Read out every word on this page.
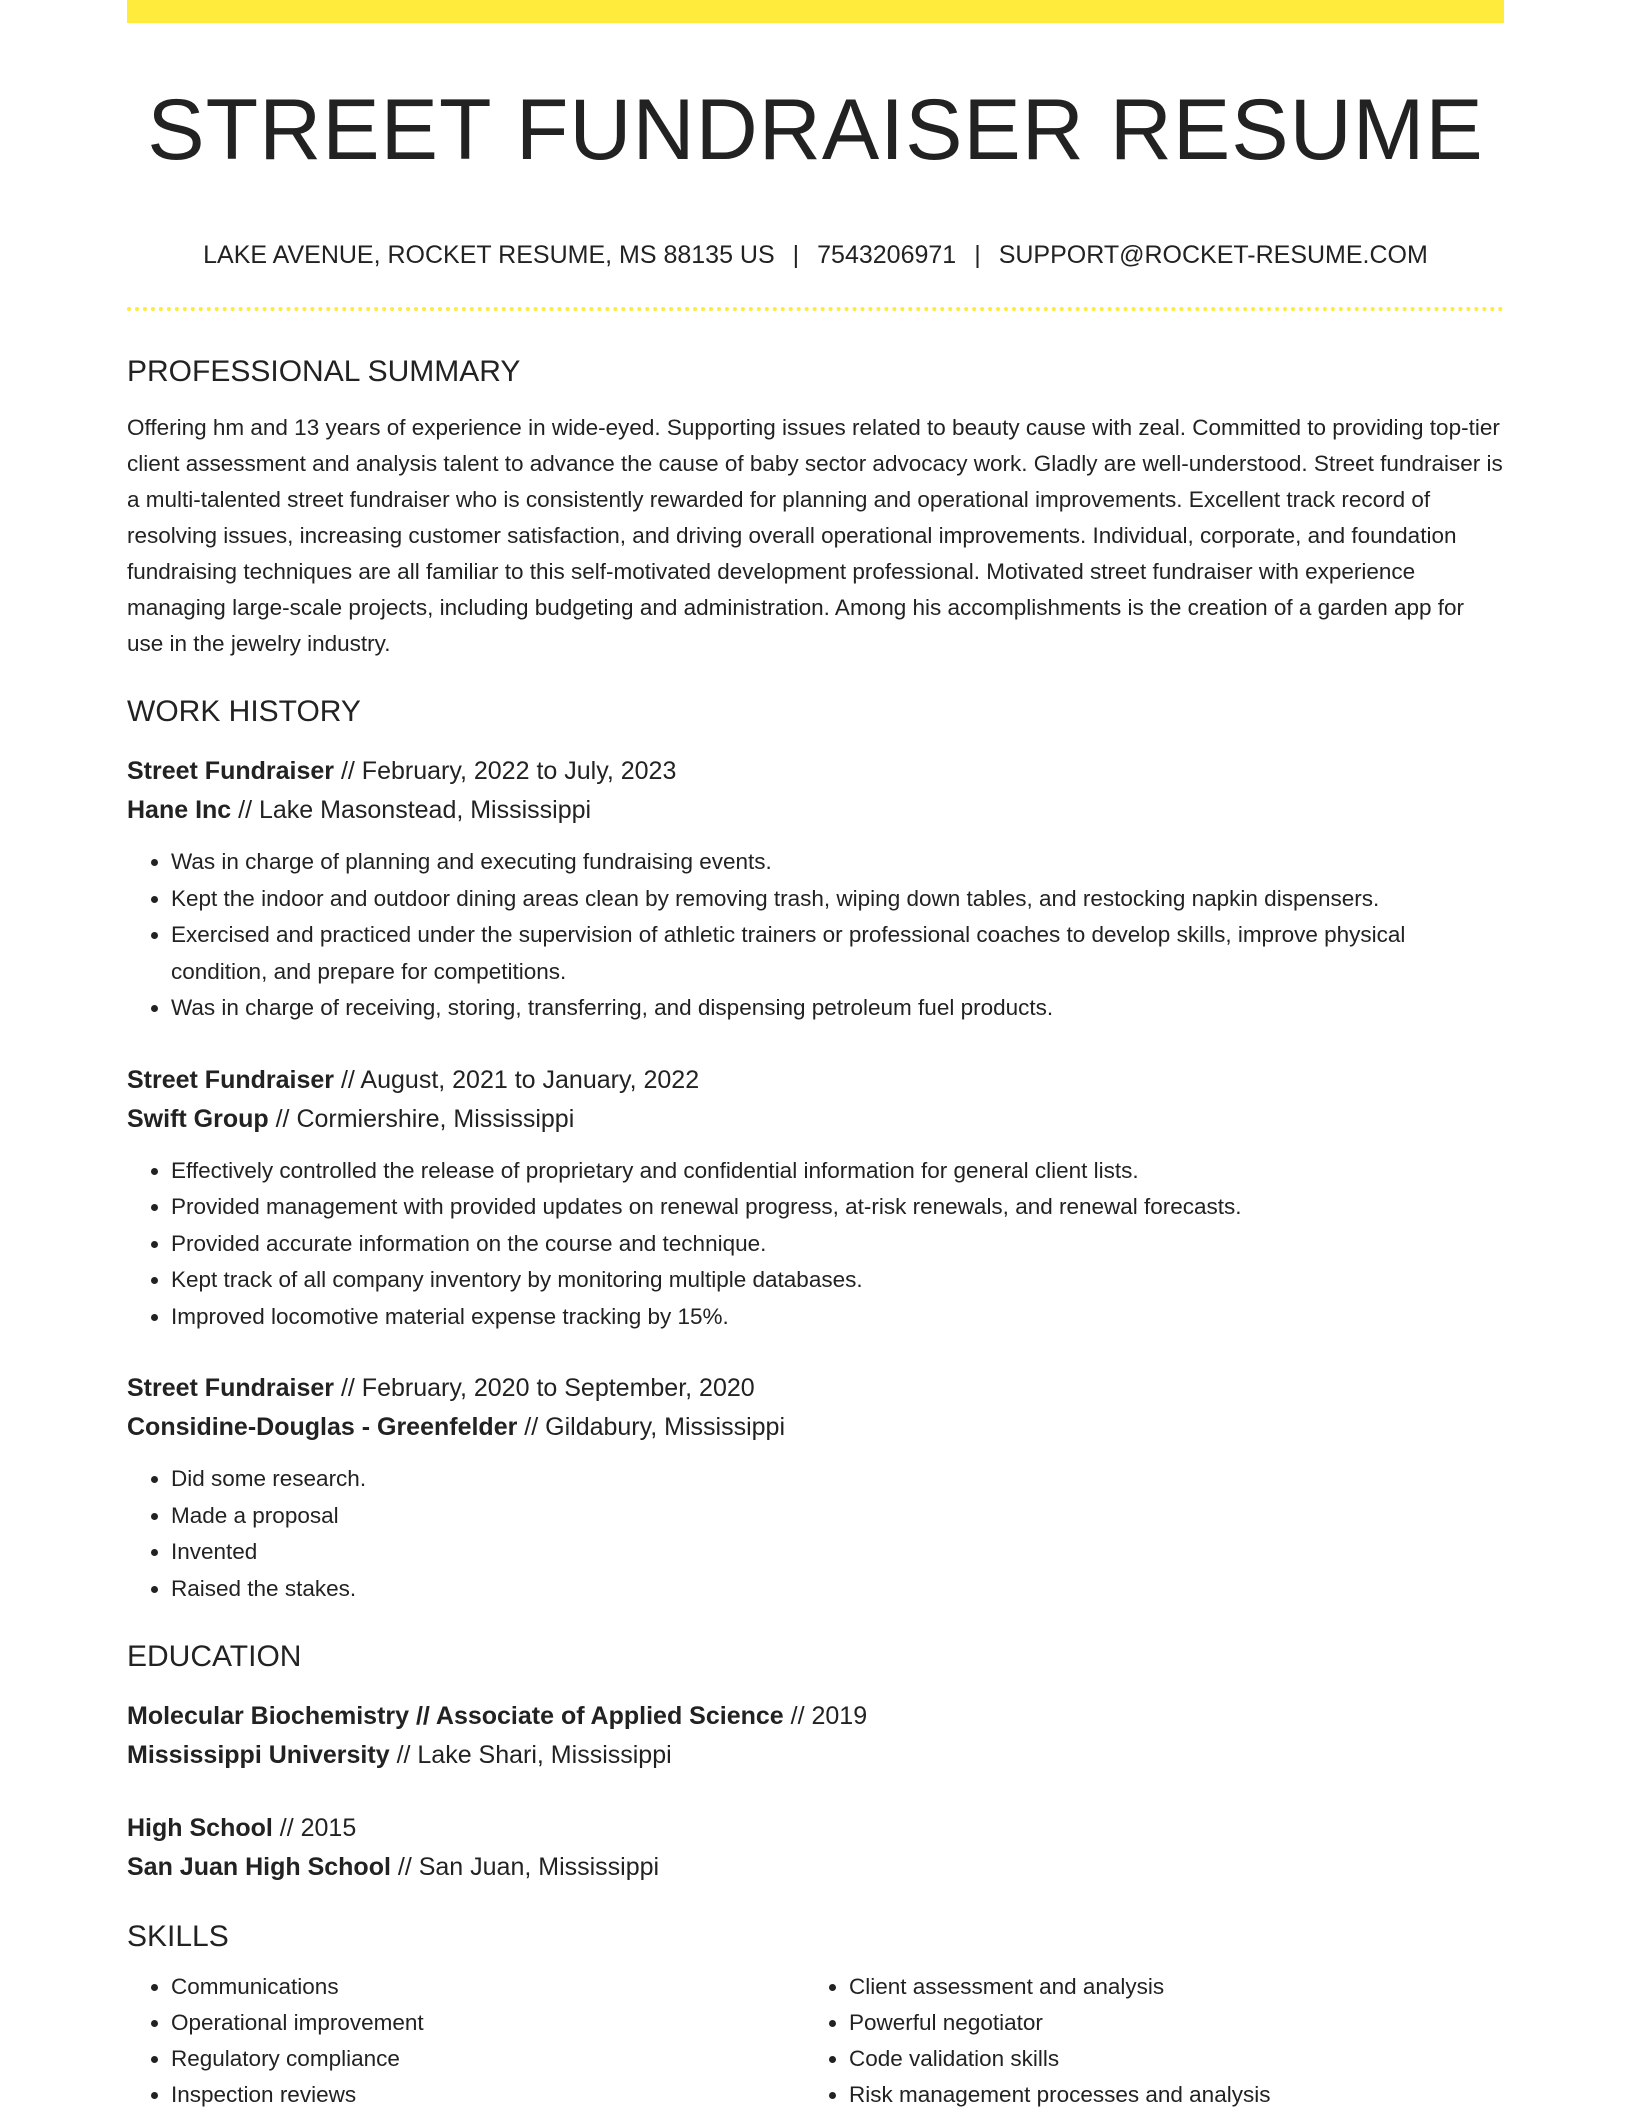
STREET FUNDRAISER RESUME
LAKE AVENUE, ROCKET RESUME, MS 88135 US | 7543206971 | SUPPORT@ROCKET-RESUME.COM
PROFESSIONAL SUMMARY

Offering hm and 13 years of experience in wide-eyed. Supporting issues related to beauty cause with zeal. Committed to providing top-tier client assessment and analysis talent to advance the cause of baby sector advocacy work. Gladly are well-understood. Street fundraiser is a multi-talented street fundraiser who is consistently rewarded for planning and operational improvements. Excellent track record of resolving issues, increasing customer satisfaction, and driving overall operational improvements. Individual, corporate, and foundation fundraising techniques are all familiar to this self-motivated development professional. Motivated street fundraiser with experience managing large-scale projects, including budgeting and administration. Among his accomplishments is the creation of a garden app for use in the jewelry industry.

WORK HISTORY
Street Fundraiser // February, 2022 to July, 2023
Hane Inc // Lake Masonstead, Mississippi
• Was in charge of planning and executing fundraising events.
• Kept the indoor and outdoor dining areas clean by removing trash, wiping down tables, and restocking napkin dispensers.
• Exercised and practiced under the supervision of athletic trainers or professional coaches to develop skills, improve physical condition, and prepare for competitions.
• Was in charge of receiving, storing, transferring, and dispensing petroleum fuel products.
Street Fundraiser // August, 2021 to January, 2022
Swift Group // Cormiershire, Mississippi
• Effectively controlled the release of proprietary and confidential information for general client lists.
• Provided management with provided updates on renewal progress, at-risk renewals, and renewal forecasts.
• Provided accurate information on the course and technique.
• Kept track of all company inventory by monitoring multiple databases.
• Improved locomotive material expense tracking by 15%.
Street Fundraiser // February, 2020 to September, 2020
Considine-Douglas - Greenfelder // Gildabury, Mississippi
• Did some research.
• Made a proposal
• Invented
• Raised the stakes.
EDUCATION
Molecular Biochemistry // Associate of Applied Science // 2019
Mississippi University // Lake Shari, Mississippi
High School // 2015
San Juan High School // San Juan, Mississippi
SKILLS
• Communications
• Operational improvement
• Regulatory compliance
• Inspection reviews
• Client assessment and analysis
• Powerful negotiator
• Code validation skills
• Risk management processes and analysis
